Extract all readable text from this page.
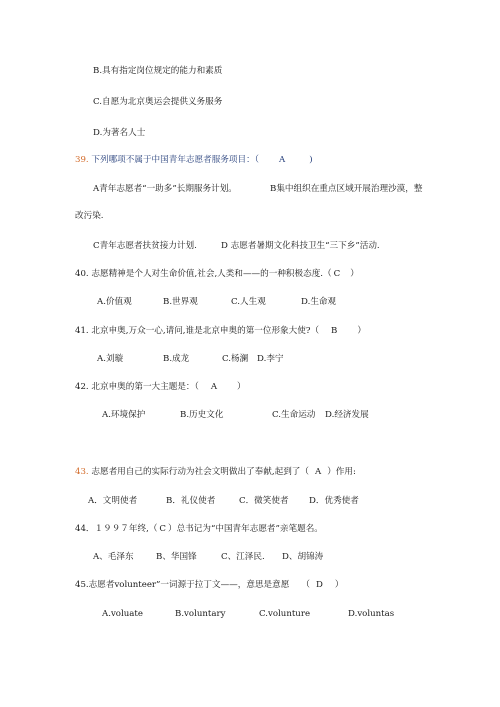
B.具有指定岗位规定的能力和素质
C.自愿为北京奥运会提供义务服务
D.为著名人士
39. 下列哪项不属于中国青年志愿者服务项目：（ A	)
A青年志愿者“一助多”长期服务计划。	B集中组织在重点区域开展治理沙漠，整
改污染.
C青年志愿者扶贫接力计划.	D 志愿者暑期文化科技卫生“三下乡”活动.
40. 志愿精神是个人对生命价值,社会,人类和——的一种积极态度.（ C ）
A.价值观	B.世界观	C.人生观	D.生命观
41. 北京申奥,万众一心,请问,谁是北京申奥的第一位形象大使?（ B ）
A.刘璇	B.成龙	C.杨澜 D.李宁
42. 北京申奥的第一大主题是：（ A ）
A.环境保护	B.历史文化	C.生命运动 D.经济发展
43. 志愿者用自己的实际行动为社会文明做出了奉献,起到了（ A ）作用:
A．文明使者	B．礼仪使者	C．微笑使者 D．优秀使者
44．１９９７年终,（ C ）总书记为“中国青年志愿者”亲笔题名。
A、毛泽东	B、华国锋	C、江泽民. D、胡锦涛
45.志愿者volunteer”一词源于拉丁文——，意思是意愿 （ D ）
A.voluate	B.voluntary	C.volunture	D.voluntas
